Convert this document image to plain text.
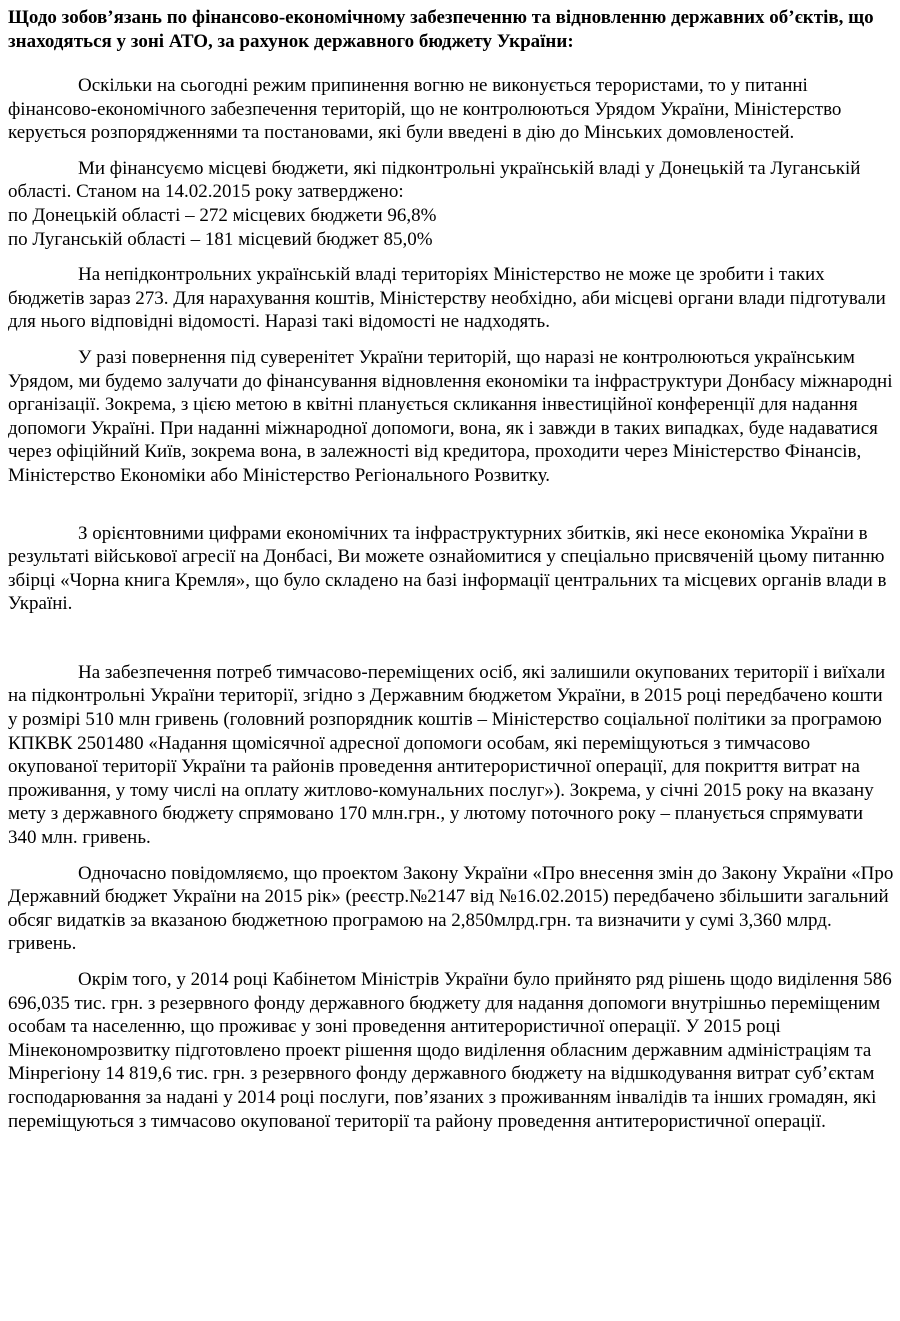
Щодо зобов’язань по фінансово-економічному забезпеченню та відновленню державних об’єктів, що знаходяться у зоні АТО, за рахунок державного бюджету України:

Оскільки на сьогодні режим припинення вогню не виконується терористами, то у питанні фінансово-економічного забезпечення територій, що не контролюються Урядом України, Міністерство керується розпорядженнями та постановами, які були введені в дію до Мінських домовленостей.

Ми фінансуємо місцеві бюджети, які підконтрольні українській владі у Донецькій та Луганській області. Станом на 14.02.2015 року затверджено:

по Донецькій області – 272 місцевих бюджети 96,8%

по Луганській області – 181 місцевий бюджет 85,0%

На непідконтрольних українській владі територіях Міністерство не може це зробити і таких бюджетів зараз 273. Для нарахування коштів, Міністерству необхідно, аби місцеві органи влади підготували для нього відповідні відомості. Наразі такі відомості не надходять.

У разі повернення під суверенітет України територій, що наразі не контролюються українським Урядом, ми будемо залучати до фінансування відновлення економіки та інфраструктури Донбасу міжнародні організації. Зокрема, з цією метою в квітні планується скликання інвестиційної конференції для надання допомоги Україні. При наданні міжнародної допомоги, вона, як і завжди в таких випадках, буде надаватися через офіційний Київ, зокрема вона, в залежності від кредитора, проходити через Міністерство Фінансів, Міністерство Економіки або Міністерство Регіонального Розвитку.

З орієнтовними цифрами економічних та інфраструктурних збитків, які несе економіка України в результаті військової агресії на Донбасі, Ви можете ознайомитися у спеціально присвяченій цьому питанню збірці «Чорна книга Кремля», що було складено на базі інформації центральних та місцевих органів влади в Україні.

На забезпечення потреб тимчасово-переміщених осіб, які залишили окупованих території і виїхали на підконтрольні України території, згідно з Державним бюджетом України, в 2015 році передбачено кошти у розмірі 510 млн гривень (головний розпорядник коштів – Міністерство соціальної політики за програмою КПКВК 2501480 «Надання щомісячної адресної допомоги особам, які переміщуються з тимчасово окупованої території України та районів проведення антитерористичної операції, для покриття витрат на проживання, у тому числі на оплату житлово-комунальних послуг»). Зокрема, у січні 2015 року на вказану мету з державного бюджету спрямовано 170 млн.грн., у лютому поточного року – планується спрямувати 340 млн. гривень.

Одночасно повідомляємо, що проектом Закону України «Про внесення змін до Закону України «Про Державний бюджет України на 2015 рік» (реєстр.№2147 від №16.02.2015) передбачено збільшити загальний обсяг видатків за вказаною бюджетною програмою на 2,850млрд.грн. та визначити у сумі 3,360 млрд. гривень.

Окрім того, у 2014 році Кабінетом Міністрів України було прийнято ряд рішень щодо виділення 586 696,035 тис. грн. з резервного фонду державного бюджету для надання допомоги внутрішньо переміщеним особам та населенню, що проживає у зоні проведення антитерористичної операції. У 2015 році Мінекономрозвитку підготовлено проект рішення щодо виділення обласним державним адміністраціям та Мінрегіону 14 819,6 тис. грн. з резервного фонду державного бюджету на відшкодування витрат суб’єктам господарювання за надані у 2014 році послуги, пов’язаних з проживанням інвалідів та інших громадян, які переміщуються з тимчасово окупованої території та району проведення антитерористичної операції.
